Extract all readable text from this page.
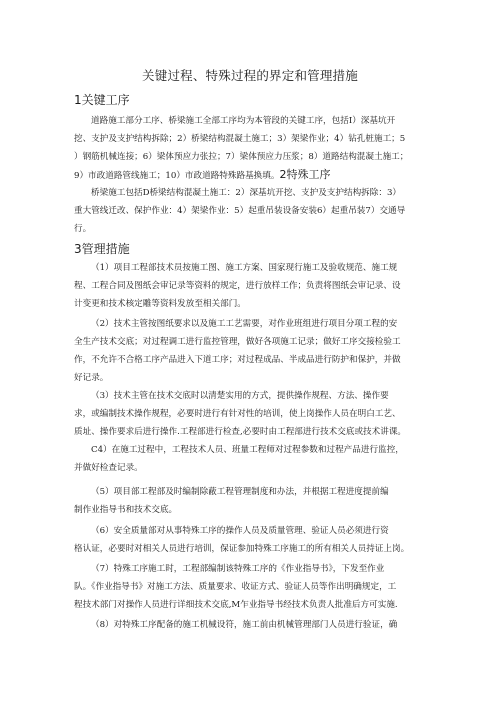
关键过程、特殊过程的界定和管理措施
1关键工序

道路施工部分工序、桥梁施工全部工序均为本管段的关键工序，包括I）深基坑开
挖、支护及支护结构拆除；2）桥梁结构混凝土施工；3）架梁作业；4）钻孔桩施工；5
）钢筋机械连接；6）梁体预应力张拉；7）梁体预应力压浆；8）道路结构混凝土施工；
9）市政道路管线施工；10）市政道路特殊路基换填。2特殊工序

桥梁施工包括D桥梁结构混凝土施工：2）深基坑开挖、支护及支护结构拆除：3）
重大管线迁改、保护作业：4）架梁作业：5）起重吊装设备安装6）起重吊装7）交通导
行。

3管理措施

（1）项目工程部技术员按施工图、施工方案、国家现行施工及验收规范、施工规
程、工程合同及图纸会审记录等资料的规定，进行放样工作；负责将图纸会审记录、设
计变更和技术核定雕等资料发放至相关部门。

（2）技术主管按图纸要求以及施工工艺需要，对作业班组进行项目分项工程的安
全生产技术交底；对过程调工进行监控管理，做好各项施工记录；做好工序交接检验工
作，不允许不合格工序产品进入下道工序；对过程成品、半成品进行防护和保护，并做
好记录。

（3）技术主管在技术交底时以清楚实用的方式，提供操作规程、方法、操作要
求，或编制技术操作规程，必要时进行有针对性的培训，使上岗操作人员在明白工艺、
质址、操作要求后进行操作.工程部进行检查,必要时由工程部进行技术交底或技术讲课。

C4）在施工过程中，工程技术人员、班量工程师对过程参数和过程产品进行监控，
并做好检查记录。

（5）项目部工程部及时编制除蔽工程管理制度和办法，并根据工程进度提前编
制作业指导书和技术交底。

（6）安全质量部对从事特殊工序的操作人员及质量管理、验证人员必须进行资
格认证，必要时对相关人员进行培训，保证参加特殊工序施工的所有相关人员持证上岗。

（7）特殊工序施工时，工程部编制该特殊工序的《作业指导书》，下发至作业
队。《作业指导书》对施工方法、质量要求、收证方式、验证人员等作出明确规定，工
程技术部门对操作人员进行详细技术交底,M乍业指导书经技术负责人批准后方可实施.

（8）对特殊工序配备的施工机械设符，施工前由机械管理部门人员进行验证，确
